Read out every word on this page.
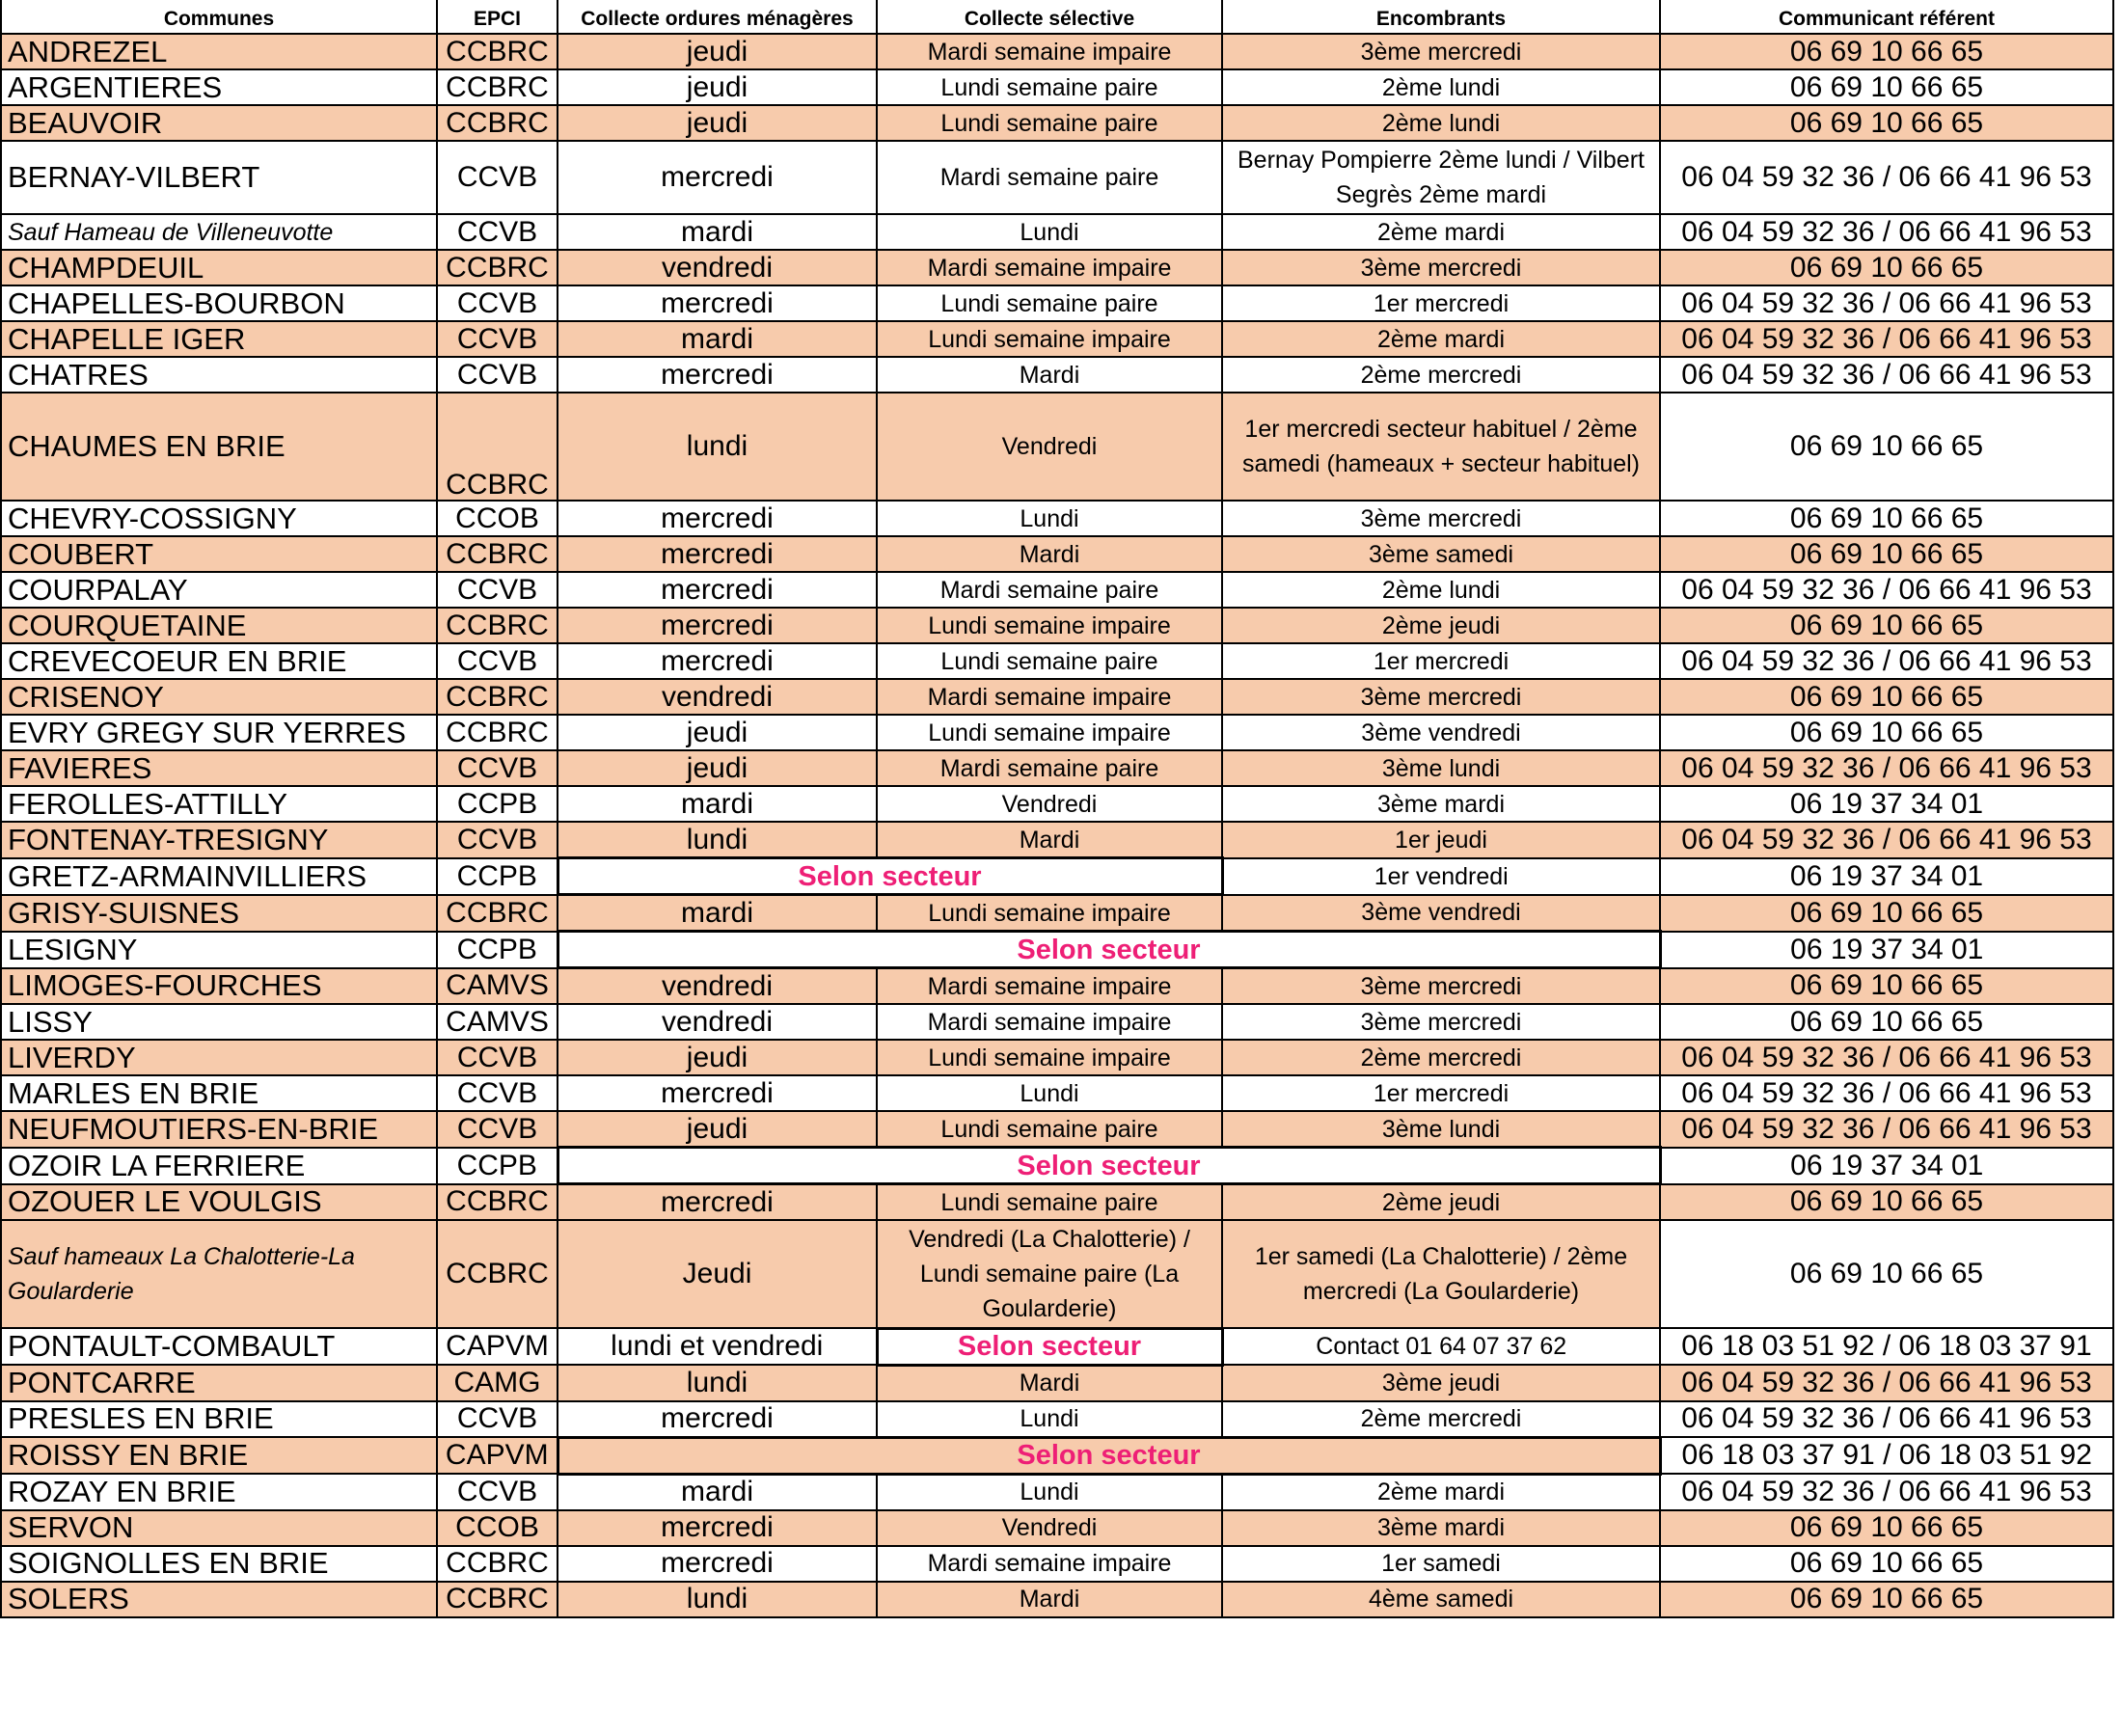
Communes	EPCI	Collecte ordures ménagères	Collecte sélective	Encombrants	Communicant référent
ANDREZEL	CCBRC	jeudi	Mardi semaine impaire	3ème mercredi	06 69 10 66 65
ARGENTIERES	CCBRC	jeudi	Lundi semaine paire	2ème lundi	06 69 10 66 65
BEAUVOIR	CCBRC	jeudi	Lundi semaine paire	2ème lundi	06 69 10 66 65
BERNAY-VILBERT	CCVB	mercredi	Mardi semaine paire	Bernay Pompierre 2ème lundi / Vilbert Segrès 2ème mardi	06 04 59 32 36 / 06 66 41 96 53
Sauf Hameau de Villeneuvotte	CCVB	mardi	Lundi	2ème mardi	06 04 59 32 36 / 06 66 41 96 53
CHAMPDEUIL	CCBRC	vendredi	Mardi semaine impaire	3ème mercredi	06 69 10 66 65
CHAPELLES-BOURBON	CCVB	mercredi	Lundi semaine paire	1er mercredi	06 04 59 32 36 / 06 66 41 96 53
CHAPELLE IGER	CCVB	mardi	Lundi semaine impaire	2ème mardi	06 04 59 32 36 / 06 66 41 96 53
CHATRES	CCVB	mercredi	Mardi	2ème mercredi	06 04 59 32 36 / 06 66 41 96 53
CHAUMES EN BRIE	CCBRC	lundi	Vendredi	1er mercredi secteur habituel / 2ème samedi (hameaux + secteur habituel)	06 69 10 66 65
CHEVRY-COSSIGNY	CCOB	mercredi	Lundi	3ème mercredi	06 69 10 66 65
COUBERT	CCBRC	mercredi	Mardi	3ème samedi	06 69 10 66 65
COURPALAY	CCVB	mercredi	Mardi semaine paire	2ème lundi	06 04 59 32 36 / 06 66 41 96 53
COURQUETAINE	CCBRC	mercredi	Lundi semaine impaire	2ème jeudi	06 69 10 66 65
CREVECOEUR EN BRIE	CCVB	mercredi	Lundi semaine paire	1er mercredi	06 04 59 32 36 / 06 66 41 96 53
CRISENOY	CCBRC	vendredi	Mardi semaine impaire	3ème mercredi	06 69 10 66 65
EVRY GREGY SUR YERRES	CCBRC	jeudi	Lundi semaine impaire	3ème vendredi	06 69 10 66 65
FAVIERES	CCVB	jeudi	Mardi semaine paire	3ème lundi	06 04 59 32 36 / 06 66 41 96 53
FEROLLES-ATTILLY	CCPB	mardi	Vendredi	3ème mardi	06 19 37 34 01
FONTENAY-TRESIGNY	CCVB	lundi	Mardi	1er jeudi	06 04 59 32 36 / 06 66 41 96 53
GRETZ-ARMAINVILLIERS	CCPB	Selon secteur		1er vendredi	06 19 37 34 01
GRISY-SUISNES	CCBRC	mardi	Lundi semaine impaire	3ème vendredi	06 69 10 66 65
LESIGNY	CCPB	Selon secteur			06 19 37 34 01
LIMOGES-FOURCHES	CAMVS	vendredi	Mardi semaine impaire	3ème mercredi	06 69 10 66 65
LISSY	CAMVS	vendredi	Mardi semaine impaire	3ème mercredi	06 69 10 66 65
LIVERDY	CCVB	jeudi	Lundi semaine impaire	2ème mercredi	06 04 59 32 36 / 06 66 41 96 53
MARLES EN BRIE	CCVB	mercredi	Lundi	1er mercredi	06 04 59 32 36 / 06 66 41 96 53
NEUFMOUTIERS-EN-BRIE	CCVB	jeudi	Lundi semaine paire	3ème lundi	06 04 59 32 36 / 06 66 41 96 53
OZOIR LA FERRIERE	CCPB	Selon secteur			06 19 37 34 01
OZOUER LE VOULGIS	CCBRC	mercredi	Lundi semaine paire	2ème jeudi	06 69 10 66 65
Sauf hameaux La Chalotterie-La Goularderie	CCBRC	Jeudi	Vendredi (La Chalotterie) / Lundi semaine paire (La Goularderie)	1er samedi (La Chalotterie) / 2ème mercredi (La Goularderie)	06 69 10 66 65
PONTAULT-COMBAULT	CAPVM	lundi et vendredi	Selon secteur	Contact 01 64 07 37 62	06 18 03 51 92 / 06 18 03 37 91
PONTCARRE	CAMG	lundi	Mardi	3ème jeudi	06 04 59 32 36 / 06 66 41 96 53
PRESLES EN BRIE	CCVB	mercredi	Lundi	2ème mercredi	06 04 59 32 36 / 06 66 41 96 53
ROISSY EN BRIE	CAPVM	Selon secteur			06 18 03 37 91 / 06 18 03 51 92
ROZAY EN BRIE	CCVB	mardi	Lundi	2ème mardi	06 04 59 32 36 / 06 66 41 96 53
SERVON	CCOB	mercredi	Vendredi	3ème mardi	06 69 10 66 65
SOIGNOLLES EN BRIE	CCBRC	mercredi	Mardi semaine impaire	1er samedi	06 69 10 66 65
SOLERS	CCBRC	lundi	Mardi	4ème samedi	06 69 10 66 65
